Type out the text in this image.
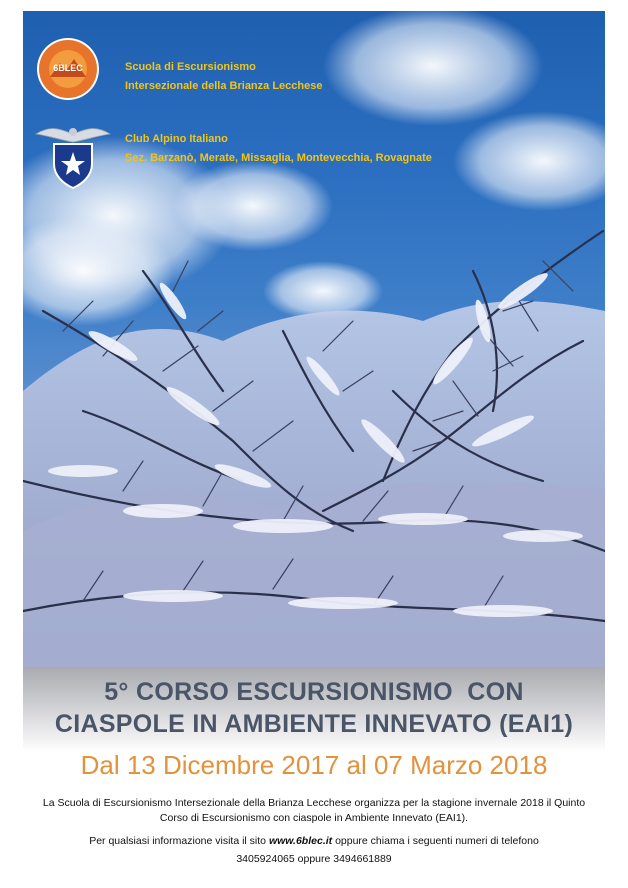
6BLEC	Scuola di Escursionismo
Intersezionale della Brianza Lecchese
Club Alpino Italiano
Sez. Barzanò, Merate, Missaglia, Montevecchia, Rovagnate
5° CORSO ESCURSIONISMO  CON
CIASPOLE IN AMBIENTE INNEVATO (EAI1)
Dal 13 Dicembre 2017 al 07 Marzo 2018
La Scuola di Escursionismo Intersezionale della Brianza Lecchese organizza per la stagione invernale 2018 il Quinto Corso di Escursionismo con ciaspole in Ambiente Innevato (EAI1).
Per qualsiasi informazione visita il sito www.6blec.it oppure chiama i seguenti numeri di telefono
3405924065 oppure 3494661889
